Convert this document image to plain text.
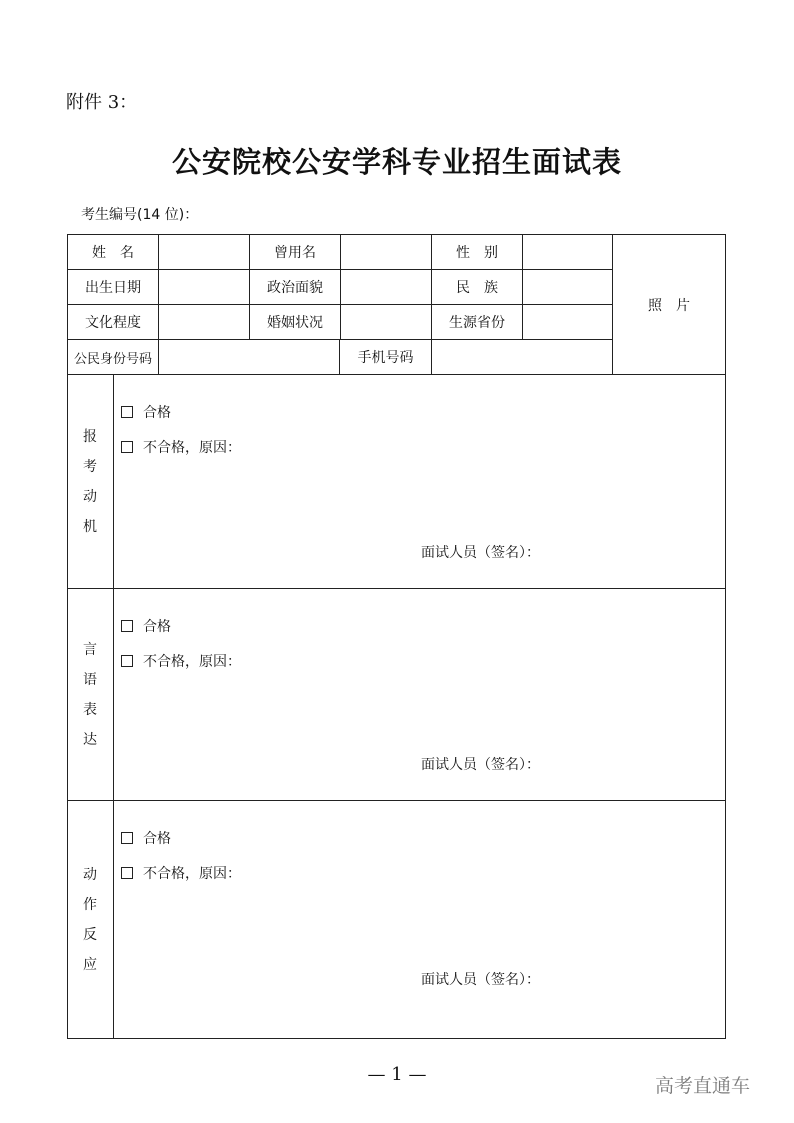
附件 3：
公安院校公安学科专业招生面试表
考生编号(14 位)：
姓　名	曾用名	性　别
出生日期	政治面貌	民　族
文化程度	婚姻状况	生源省份
公民身份号码	手机号码
照　片
报
考
动
机
合格
不合格，原因：
面试人员（签名）：
言
语
表
达
合格
不合格，原因：
面试人员（签名）：
动
作
反
应
合格
不合格，原因：
面试人员（签名）：
— 1 —
高考直通车
